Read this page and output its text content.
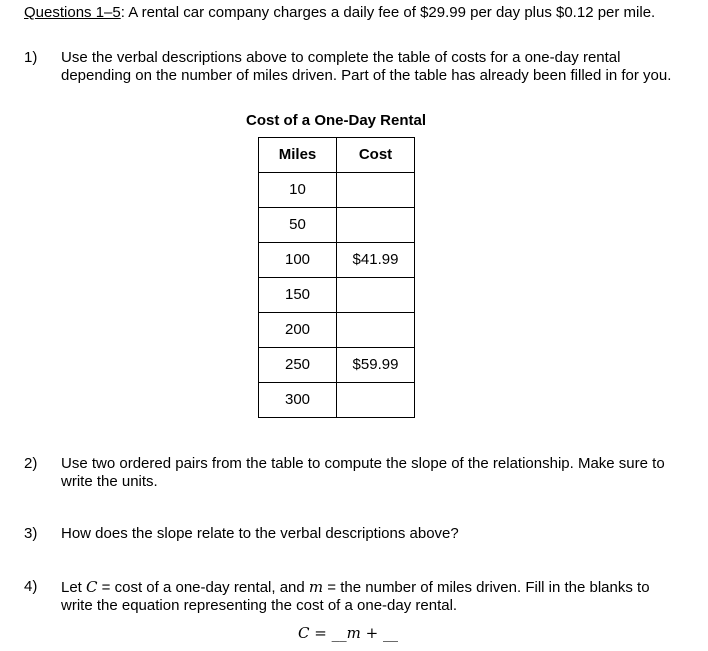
Questions 1–5: A rental car company charges a daily fee of $29.99 per day plus $0.12 per mile.
1) Use the verbal descriptions above to complete the table of costs for a one-day rental depending on the number of miles driven. Part of the table has already been filled in for you.
Cost of a One-Day Rental
Miles	Cost
10	
50	
100	$41.99
150	
200	
250	$59.99
300	
2) Use two ordered pairs from the table to compute the slope of the relationship. Make sure to write the units.
3) How does the slope relate to the verbal descriptions above?
4) Let C = cost of a one-day rental, and m = the number of miles driven. Fill in the blanks to write the equation representing the cost of a one-day rental.
C = __m + __
